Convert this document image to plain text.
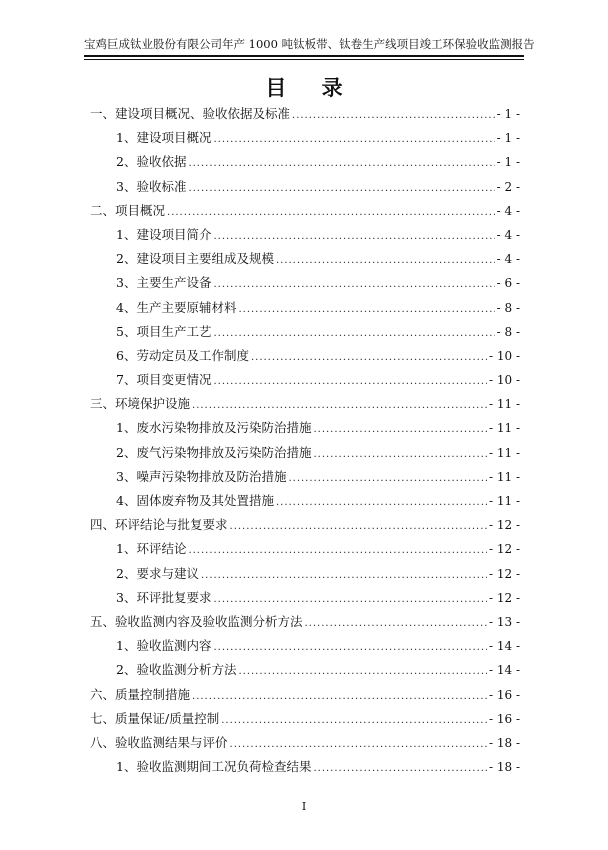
宝鸡巨成钛业股份有限公司年产 1000 吨钛板带、钛卷生产线项目竣工环保验收监测报告
目 录
一、建设项目概况、验收依据及标准 .....	- 1 -
1、建设项目概况 .....	- 1 -
2、验收依据 .....	- 1 -
3、验收标准 .....	- 2 -
二、项目概况 .....	- 4 -
1、建设项目简介 .....	- 4 -
2、建设项目主要组成及规模 .....	- 4 -
3、主要生产设备 .....	- 6 -
4、生产主要原辅材料 .....	- 8 -
5、项目生产工艺 .....	- 8 -
6、劳动定员及工作制度 .....	- 10 -
7、项目变更情况 .....	- 10 -
三、环境保护设施 .....	- 11 -
1、废水污染物排放及污染防治措施 .....	- 11 -
2、废气污染物排放及污染防治措施 .....	- 11 -
3、噪声污染物排放及防治措施 .....	- 11 -
4、固体废弃物及其处置措施 .....	- 11 -
四、环评结论与批复要求 .....	- 12 -
1、环评结论 .....	- 12 -
2、要求与建议 .....	- 12 -
3、环评批复要求 .....	- 12 -
五、验收监测内容及验收监测分析方法 .....	- 13 -
1、验收监测内容 .....	- 14 -
2、验收监测分析方法 .....	- 14 -
六、质量控制措施 .....	- 16 -
七、质量保证/质量控制 .....	- 16 -
八、验收监测结果与评价 .....	- 18 -
1、验收监测期间工况负荷检查结果 .....	- 18 -
I
